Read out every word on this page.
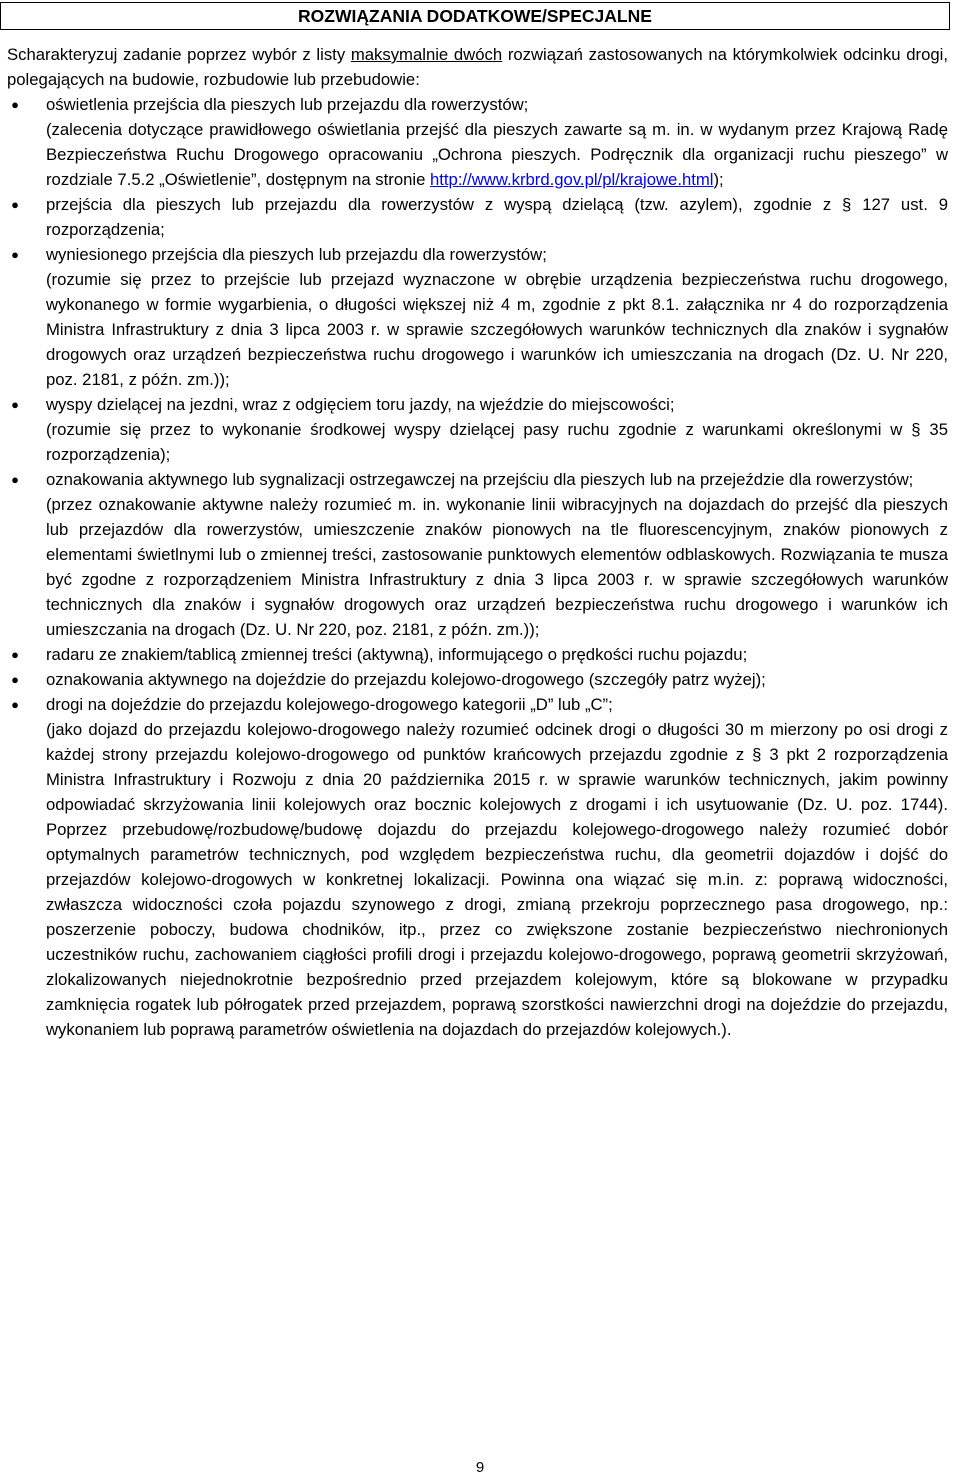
ROZWIĄZANIA DODATKOWE/SPECJALNE

Scharakteryzuj zadanie poprzez wybór z listy maksymalnie dwóch rozwiązań zastosowanych na którymkolwiek odcinku drogi, polegających na budowie, rozbudowie lub przebudowie:

● oświetlenia przejścia dla pieszych lub przejazdu dla rowerzystów;
(zalecenia dotyczące prawidłowego oświetlania przejść dla pieszych zawarte są m. in. w wydanym przez Krajową Radę Bezpieczeństwa Ruchu Drogowego opracowaniu „Ochrona pieszych. Podręcznik dla organizacji ruchu pieszego” w rozdziale 7.5.2 „Oświetlenie”, dostępnym na stronie http://www.krbrd.gov.pl/pl/krajowe.html);
● przejścia dla pieszych lub przejazdu dla rowerzystów z wyspą dzielącą (tzw. azylem), zgodnie z § 127 ust. 9 rozporządzenia;
● wyniesionego przejścia dla pieszych lub przejazdu dla rowerzystów;
(rozumie się przez to przejście lub przejazd wyznaczone w obrębie urządzenia bezpieczeństwa ruchu drogowego, wykonanego w formie wygarbienia, o długości większej niż 4 m, zgodnie z pkt 8.1. załącznika nr 4 do rozporządzenia Ministra Infrastruktury z dnia 3 lipca 2003 r. w sprawie szczegółowych warunków technicznych dla znaków i sygnałów drogowych oraz urządzeń bezpieczeństwa ruchu drogowego i warunków ich umieszczania na drogach (Dz. U. Nr 220, poz. 2181, z późn. zm.));
● wyspy dzielącej na jezdni, wraz z odgięciem toru jazdy, na wjeździe do miejscowości;
(rozumie się przez to wykonanie środkowej wyspy dzielącej pasy ruchu zgodnie z warunkami określonymi w § 35 rozporządzenia);
● oznakowania aktywnego lub sygnalizacji ostrzegawczej na przejściu dla pieszych lub na przejeździe dla rowerzystów;
(przez oznakowanie aktywne należy rozumieć m. in. wykonanie linii wibracyjnych na dojazdach do przejść dla pieszych lub przejazdów dla rowerzystów, umieszczenie znaków pionowych na tle fluorescencyjnym, znaków pionowych z elementami świetlnymi lub o zmiennej treści, zastosowanie punktowych elementów odblaskowych. Rozwiązania te musza być zgodne z rozporządzeniem Ministra Infrastruktury z dnia 3 lipca 2003 r. w sprawie szczegółowych warunków technicznych dla znaków i sygnałów drogowych oraz urządzeń bezpieczeństwa ruchu drogowego i warunków ich umieszczania na drogach (Dz. U. Nr 220, poz. 2181, z późn. zm.));
● radaru ze znakiem/tablicą zmiennej treści (aktywną), informującego o prędkości ruchu pojazdu;
● oznakowania aktywnego na dojeździe do przejazdu kolejowo-drogowego (szczegóły patrz wyżej);
● drogi na dojeździe do przejazdu kolejowego-drogowego kategorii „D” lub „C”;
(jako dojazd do przejazdu kolejowo-drogowego należy rozumieć odcinek drogi o długości 30 m mierzony po osi drogi z każdej strony przejazdu kolejowo-drogowego od punktów krańcowych przejazdu zgodnie z § 3 pkt 2 rozporządzenia Ministra Infrastruktury i Rozwoju z dnia 20 października 2015 r. w sprawie warunków technicznych, jakim powinny odpowiadać skrzyżowania linii kolejowych oraz bocznic kolejowych z drogami i ich usytuowanie (Dz. U. poz. 1744). Poprzez przebudowę/rozbudowę/budowę dojazdu do przejazdu kolejowego-drogowego należy rozumieć dobór optymalnych parametrów technicznych, pod względem bezpieczeństwa ruchu, dla geometrii dojazdów i dojść do przejazdów kolejowo-drogowych w konkretnej lokalizacji. Powinna ona wiązać się m.in. z: poprawą widoczności, zwłaszcza widoczności czoła pojazdu szynowego z drogi, zmianą przekroju poprzecznego pasa drogowego, np.: poszerzenie poboczy, budowa chodników, itp., przez co zwiększone zostanie bezpieczeństwo niechronionych uczestników ruchu, zachowaniem ciągłości profili drogi i przejazdu kolejowo-drogowego, poprawą geometrii skrzyżowań, zlokalizowanych niejednokrotnie bezpośrednio przed przejazdem kolejowym, które są blokowane w przypadku zamknięcia rogatek lub półrogatek przed przejazdem, poprawą szorstkości nawierzchni drogi na dojeździe do przejazdu, wykonaniem lub poprawą parametrów oświetlenia na dojazdach do przejazdów kolejowych.).
9
